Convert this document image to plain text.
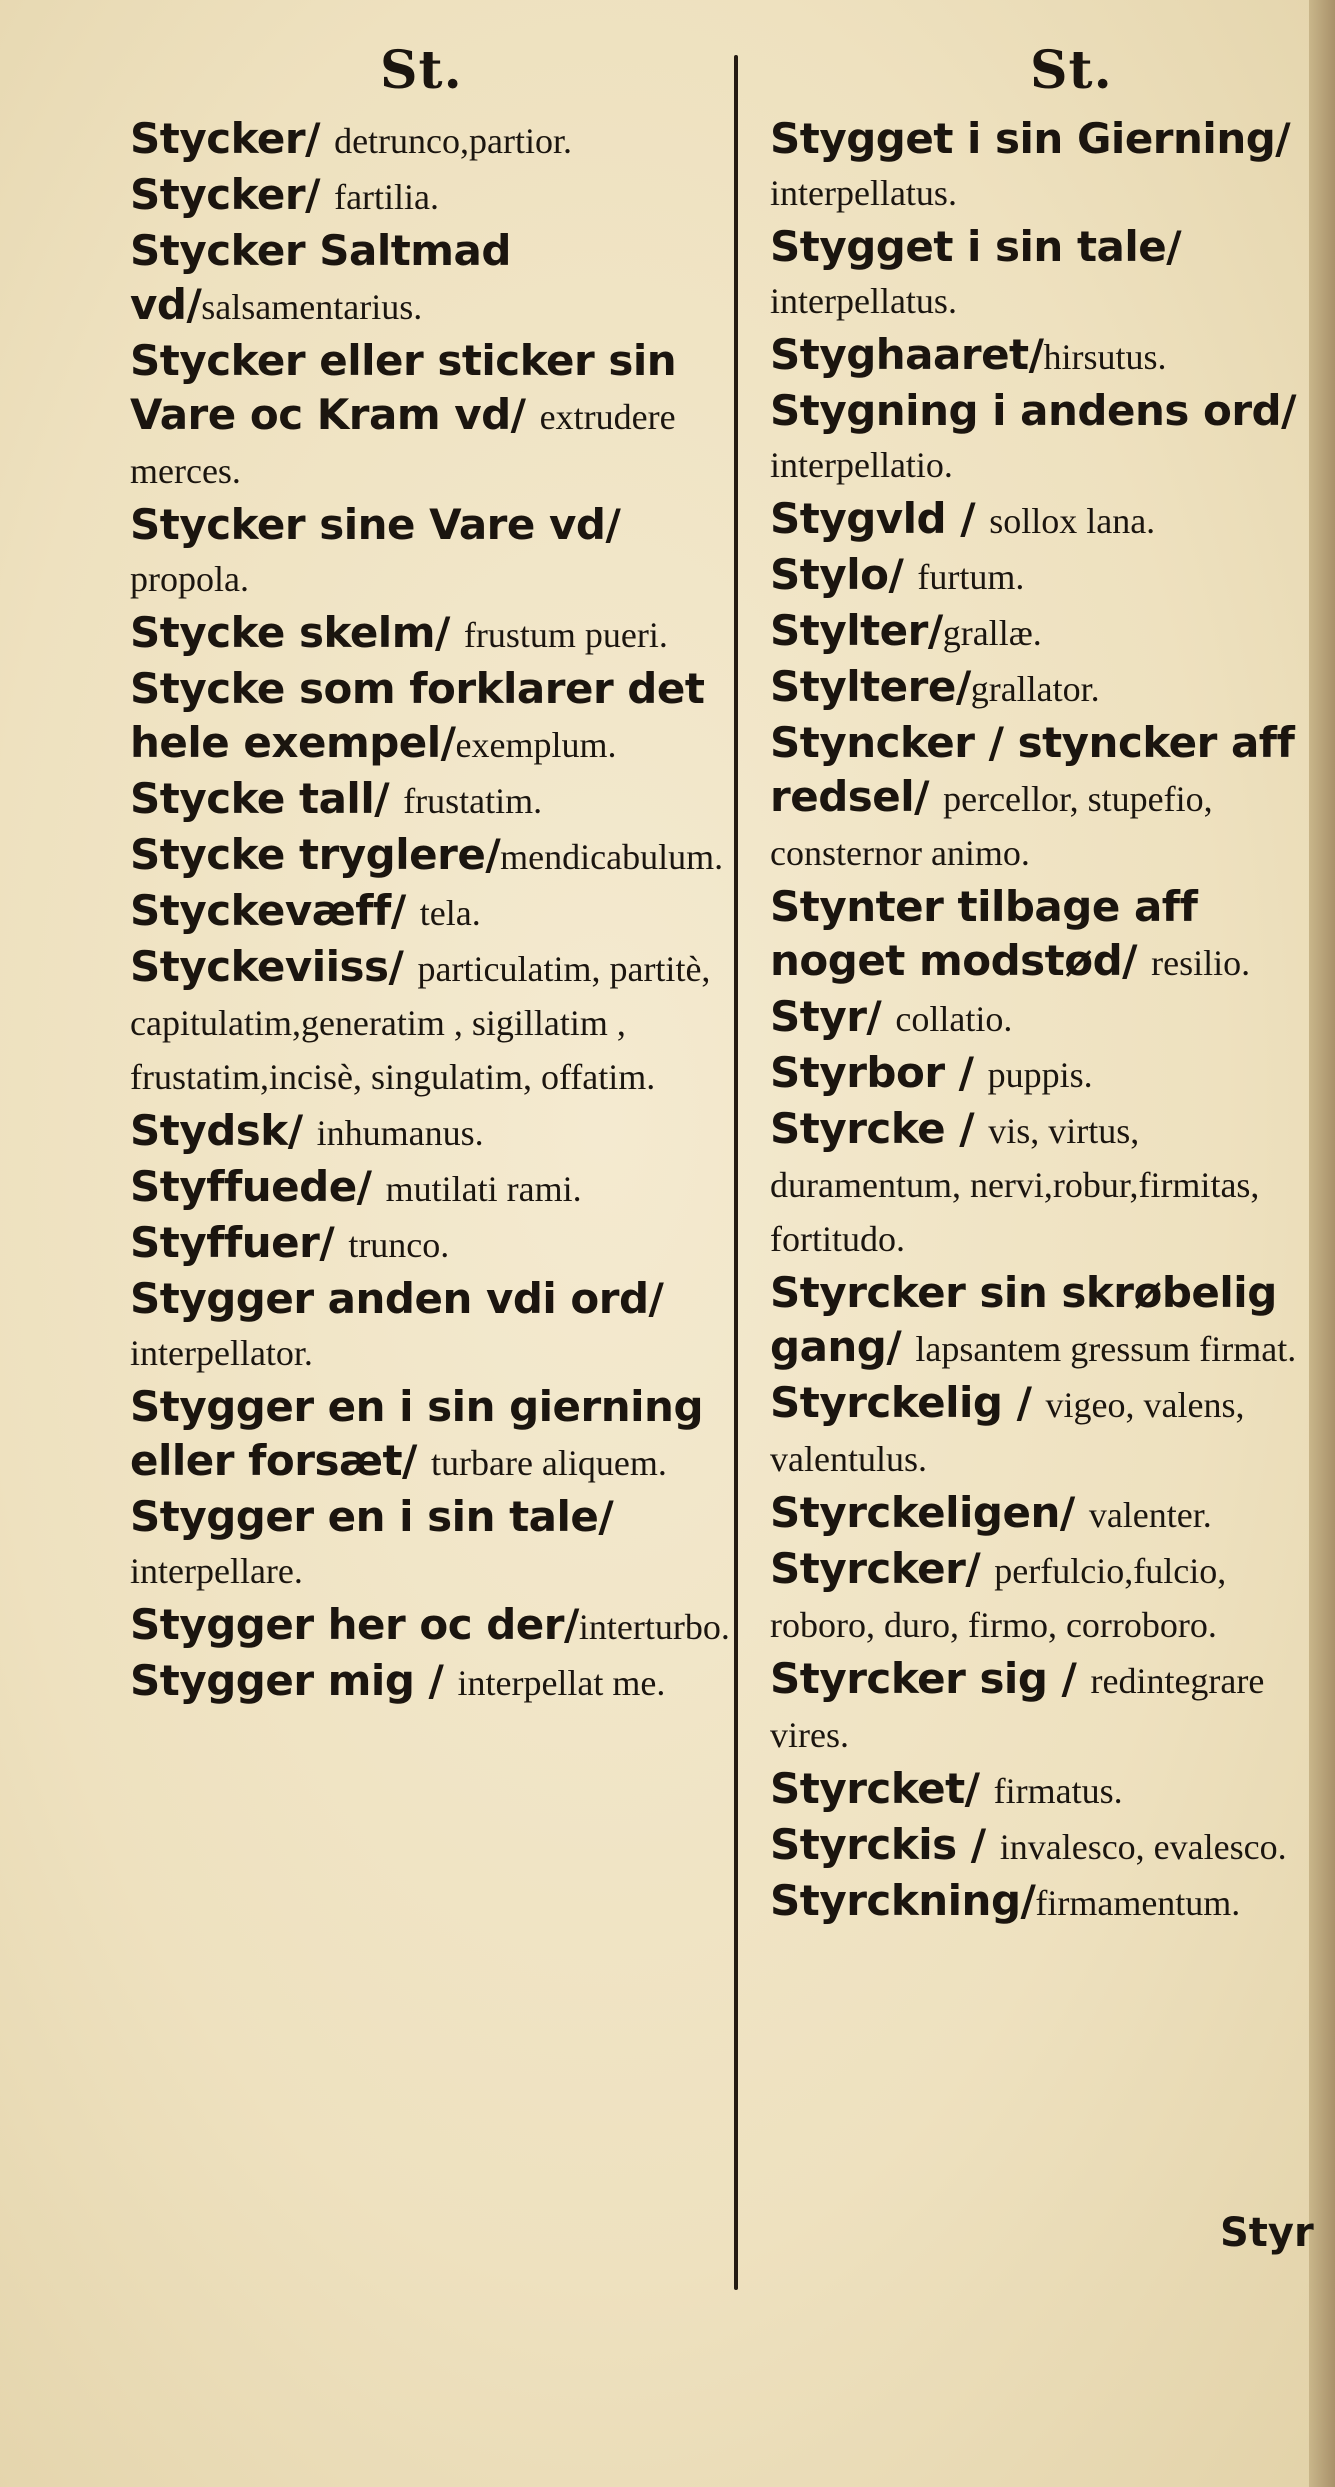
St.	St.

Stycker/ detrunco,partior.

Stycker/ fartilia.

Stycker Saltmad vd/salsamentarius.

Stycker eller sticker sin Vare oc Kram vd/ extrudere merces.

Stycker sine Vare vd/ propola.

Stycke skelm/ frustum pueri.

Stycke som forklarer det hele exempel/exemplum.

Stycke tall/ frustatim.

Stycke tryglere/mendicabulum.

Styckevæff/ tela.

Styckeviiss/ particulatim, partitè, capitulatim,generatim , sigillatim , frustatim,incisè, singulatim, offatim.

Stydsk/ inhumanus.

Styffuede/ mutilati rami.

Styffuer/ trunco.

Stygger anden vdi ord/ interpellator.

Stygger en i sin gierning eller forsæt/ turbare aliquem.

Stygger en i sin tale/ interpellare.

Stygger her oc der/interturbo.

Stygger mig / interpellat me.

Stygget i sin Gierning/ interpellatus.

Stygget i sin tale/ interpellatus.

Styghaaret/hirsutus.

Stygning i andens ord/ interpellatio.

Stygvld / sollox lana.

Stylo/ furtum.

Stylter/grallæ.

Styltere/grallator.

Styncker / styncker aff redsel/ percellor, stupefio, consternor animo.

Stynter tilbage aff noget modstød/ resilio.

Styr/ collatio.

Styrbor / puppis.

Styrcke / vis, virtus, duramentum, nervi,robur,firmitas, fortitudo.

Styrcker sin skrøbelig gang/ lapsantem gressum firmat.

Styrckelig / vigeo, valens, valentulus.

Styrckeligen/ valenter.

Styrcker/ perfulcio,fulcio, roboro, duro, firmo, corroboro.

Styrcker sig / redintegrare vires.

Styrcket/ firmatus.

Styrckis / invalesco, evalesco.

Styrckning/firmamentum.

Styr
